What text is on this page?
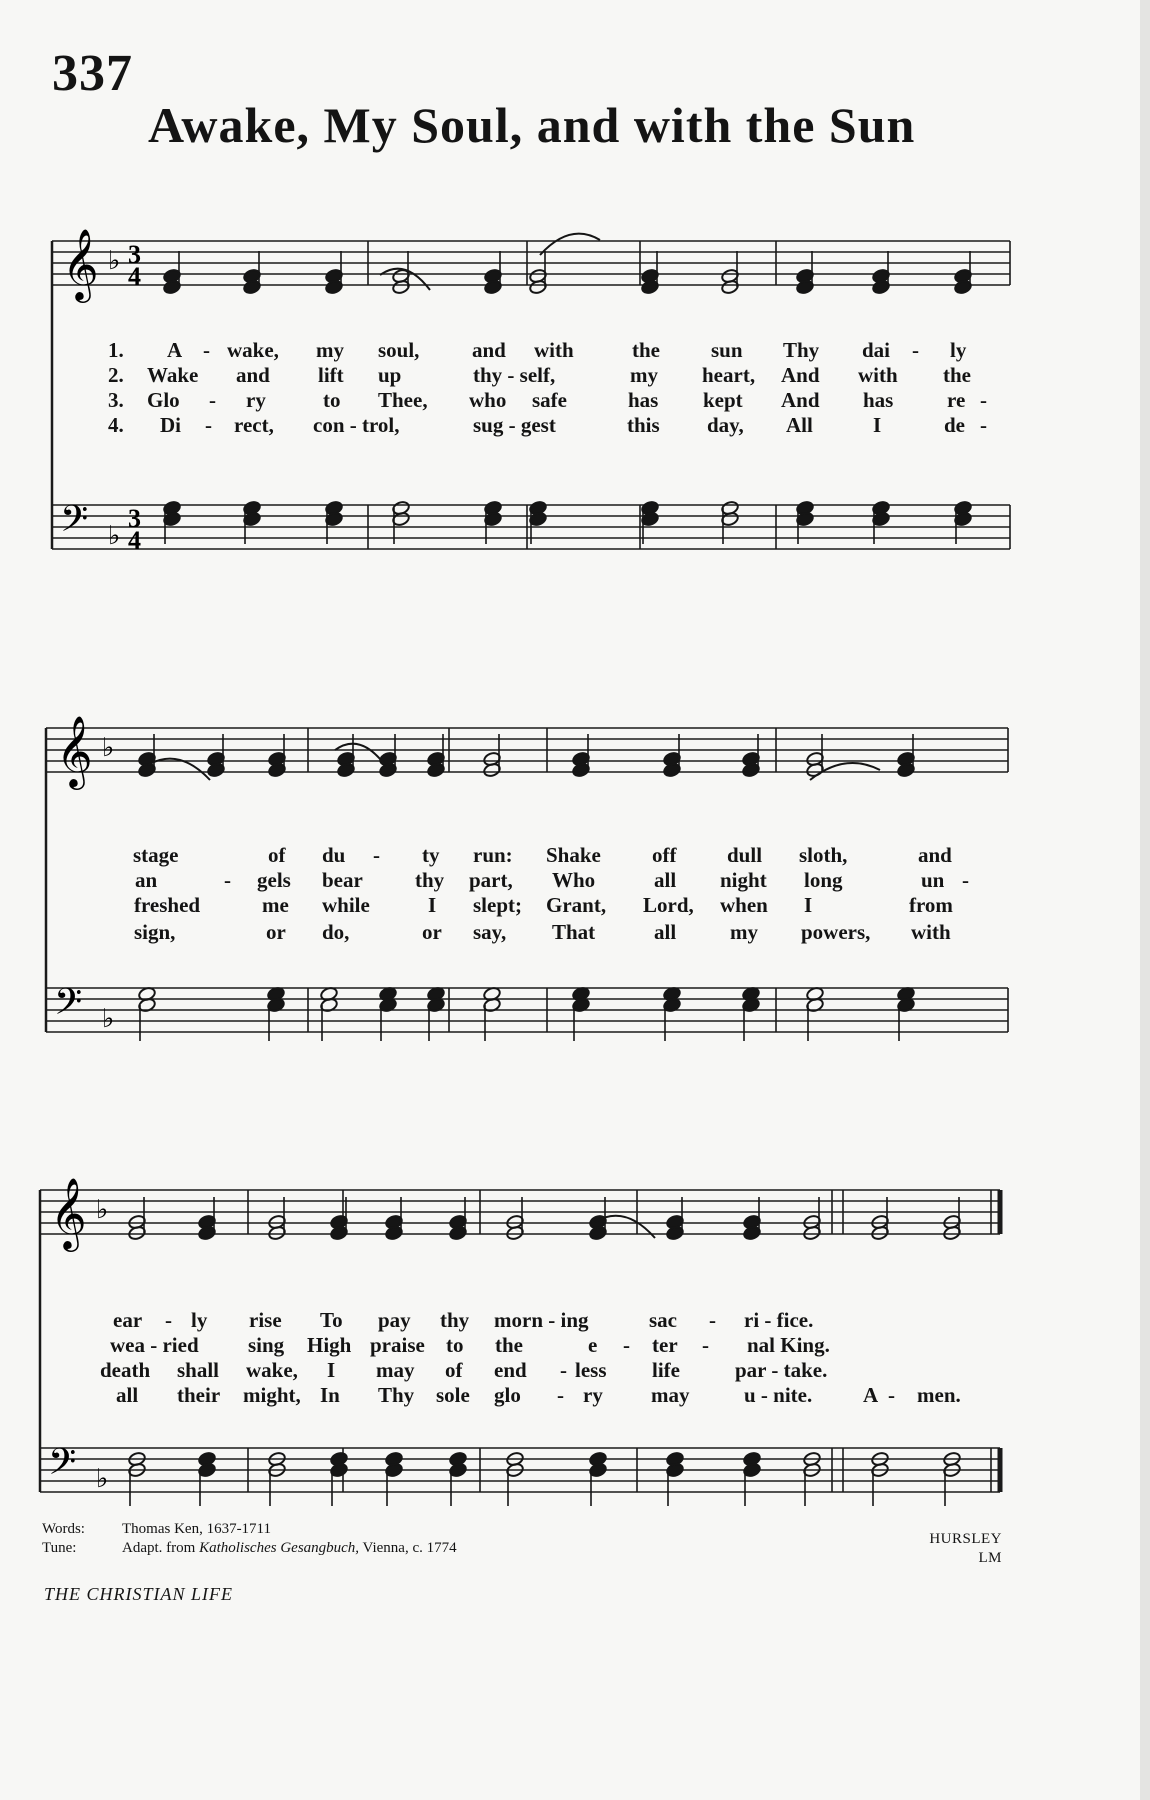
337
Awake, My Soul, and with the Sun
𝄞
𝄢
♭
♭
3
4
3
4
𝄞
𝄢
♭
♭
𝄞
𝄢
♭
♭
1. A - wake, my soul,	and with	the sun Thy dai - ly
2. Wake and lift up	thy - self,	my heart, And with the
3. Glo - ry	to Thee, who safe	has kept And has	re -
4. Di - rect, con - trol,	sug - gest	this day, All	I	de -
stage	of du - ty run: Shake off dull sloth,	and
an	- gels bear thy part, Who	all night long	un -
freshed	me while	I slept; Grant, Lord, when I	from
sign,	or do,	or say, That	all	my powers, with
ear - ly rise To pay thy morn - ing	sac - ri - fice.
wea - ried sing High praise to the	e - ter - nal King.
death shall wake, I may of end - less life	par - take.
all their might, In Thy sole glo - ry may	u - nite. A - men.
Words:	Thomas Ken, 1637-1711
Tune:	Adapt. from Katholisches Gesangbuch, Vienna, c. 1774
HURSLEY
LM
THE CHRISTIAN LIFE
